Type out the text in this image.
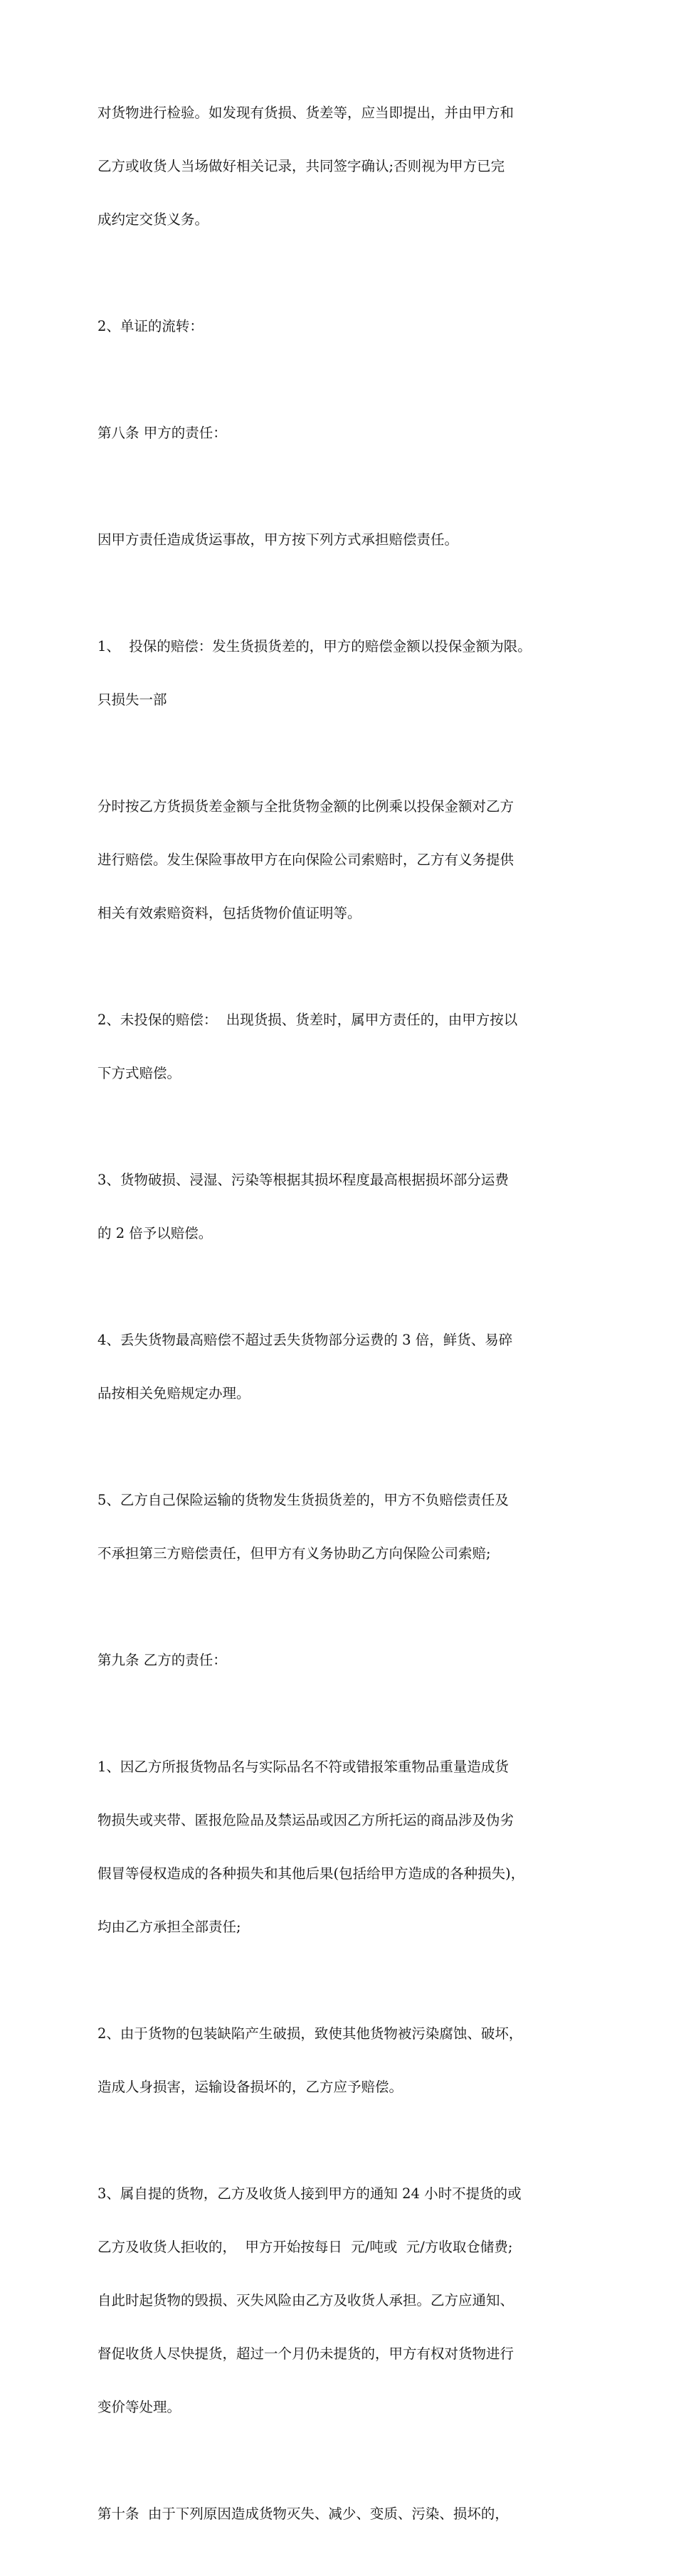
对货物进行检验。如发现有货损、货差等，应当即提出，并由甲方和

乙方或收货人当场做好相关记录，共同签字确认;否则视为甲方已完

成约定交货义务。

2、单证的流转：

第八条 甲方的责任：

因甲方责任造成货运事故，甲方按下列方式承担赔偿责任。

1、  投保的赔偿：发生货损货差的，甲方的赔偿金额以投保金额为限。

只损失一部

分时按乙方货损货差金额与全批货物金额的比例乘以投保金额对乙方

进行赔偿。发生保险事故甲方在向保险公司索赔时，乙方有义务提供

相关有效索赔资料，包括货物价值证明等。

2、未投保的赔偿：  出现货损、货差时，属甲方责任的，由甲方按以

下方式赔偿。

3、货物破损、浸湿、污染等根据其损坏程度最高根据损坏部分运费

的 2 倍予以赔偿。

4、丢失货物最高赔偿不超过丢失货物部分运费的 3 倍，鲜货、易碎

品按相关免赔规定办理。

5、乙方自己保险运输的货物发生货损货差的，甲方不负赔偿责任及

不承担第三方赔偿责任，但甲方有义务协助乙方向保险公司索赔;

第九条 乙方的责任：

1、因乙方所报货物品名与实际品名不符或错报笨重物品重量造成货

物损失或夹带、匿报危险品及禁运品或因乙方所托运的商品涉及伪劣

假冒等侵权造成的各种损失和其他后果(包括给甲方造成的各种损失)，

均由乙方承担全部责任;

2、由于货物的包装缺陷产生破损，致使其他货物被污染腐蚀、破坏，

造成人身损害，运输设备损坏的，乙方应予赔偿。

3、属自提的货物，乙方及收货人接到甲方的通知 24 小时不提货的或

乙方及收货人拒收的，  甲方开始按每日  元/吨或  元/方收取仓储费;

自此时起货物的毁损、灭失风险由乙方及收货人承担。乙方应通知、

督促收货人尽快提货，超过一个月仍未提货的，甲方有权对货物进行

变价等处理。

第十条  由于下列原因造成货物灭失、减少、变质、污染、损坏的，
